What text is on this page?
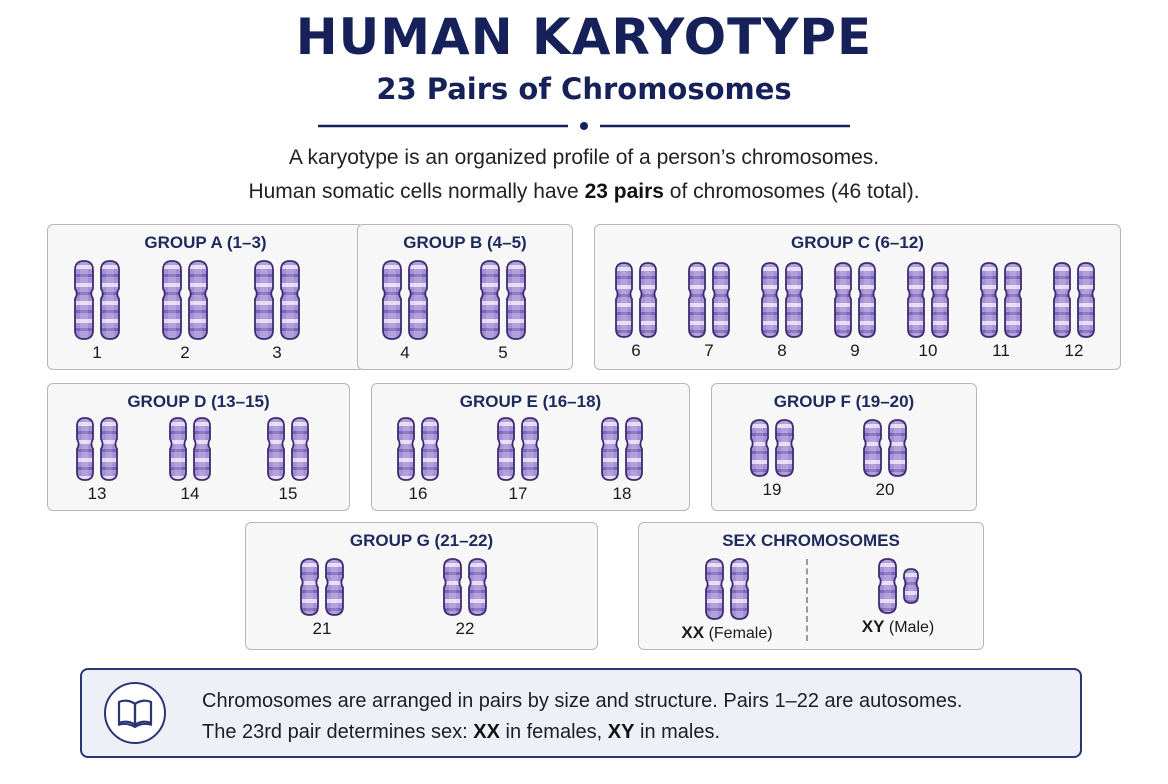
HUMAN KARYOTYPE
23 Pairs of Chromosomes
A karyotype is an organized profile of a person’s chromosomes.
Human somatic cells normally have 23 pairs of chromosomes (46 total).
GROUP A (1–3)
1	2	3
GROUP B (4–5)
4	5
GROUP C (6–12)
6	7	8	9	10	11	12
GROUP D (13–15)
13	14	15
GROUP E (16–18)
16	17	18
GROUP F (19–20)
19	20
GROUP G (21–22)
21	22
SEX CHROMOSOMES
XX (Female)	XY (Male)
Chromosomes are arranged in pairs by size and structure. Pairs 1–22 are autosomes.
The 23rd pair determines sex: XX in females, XY in males.
